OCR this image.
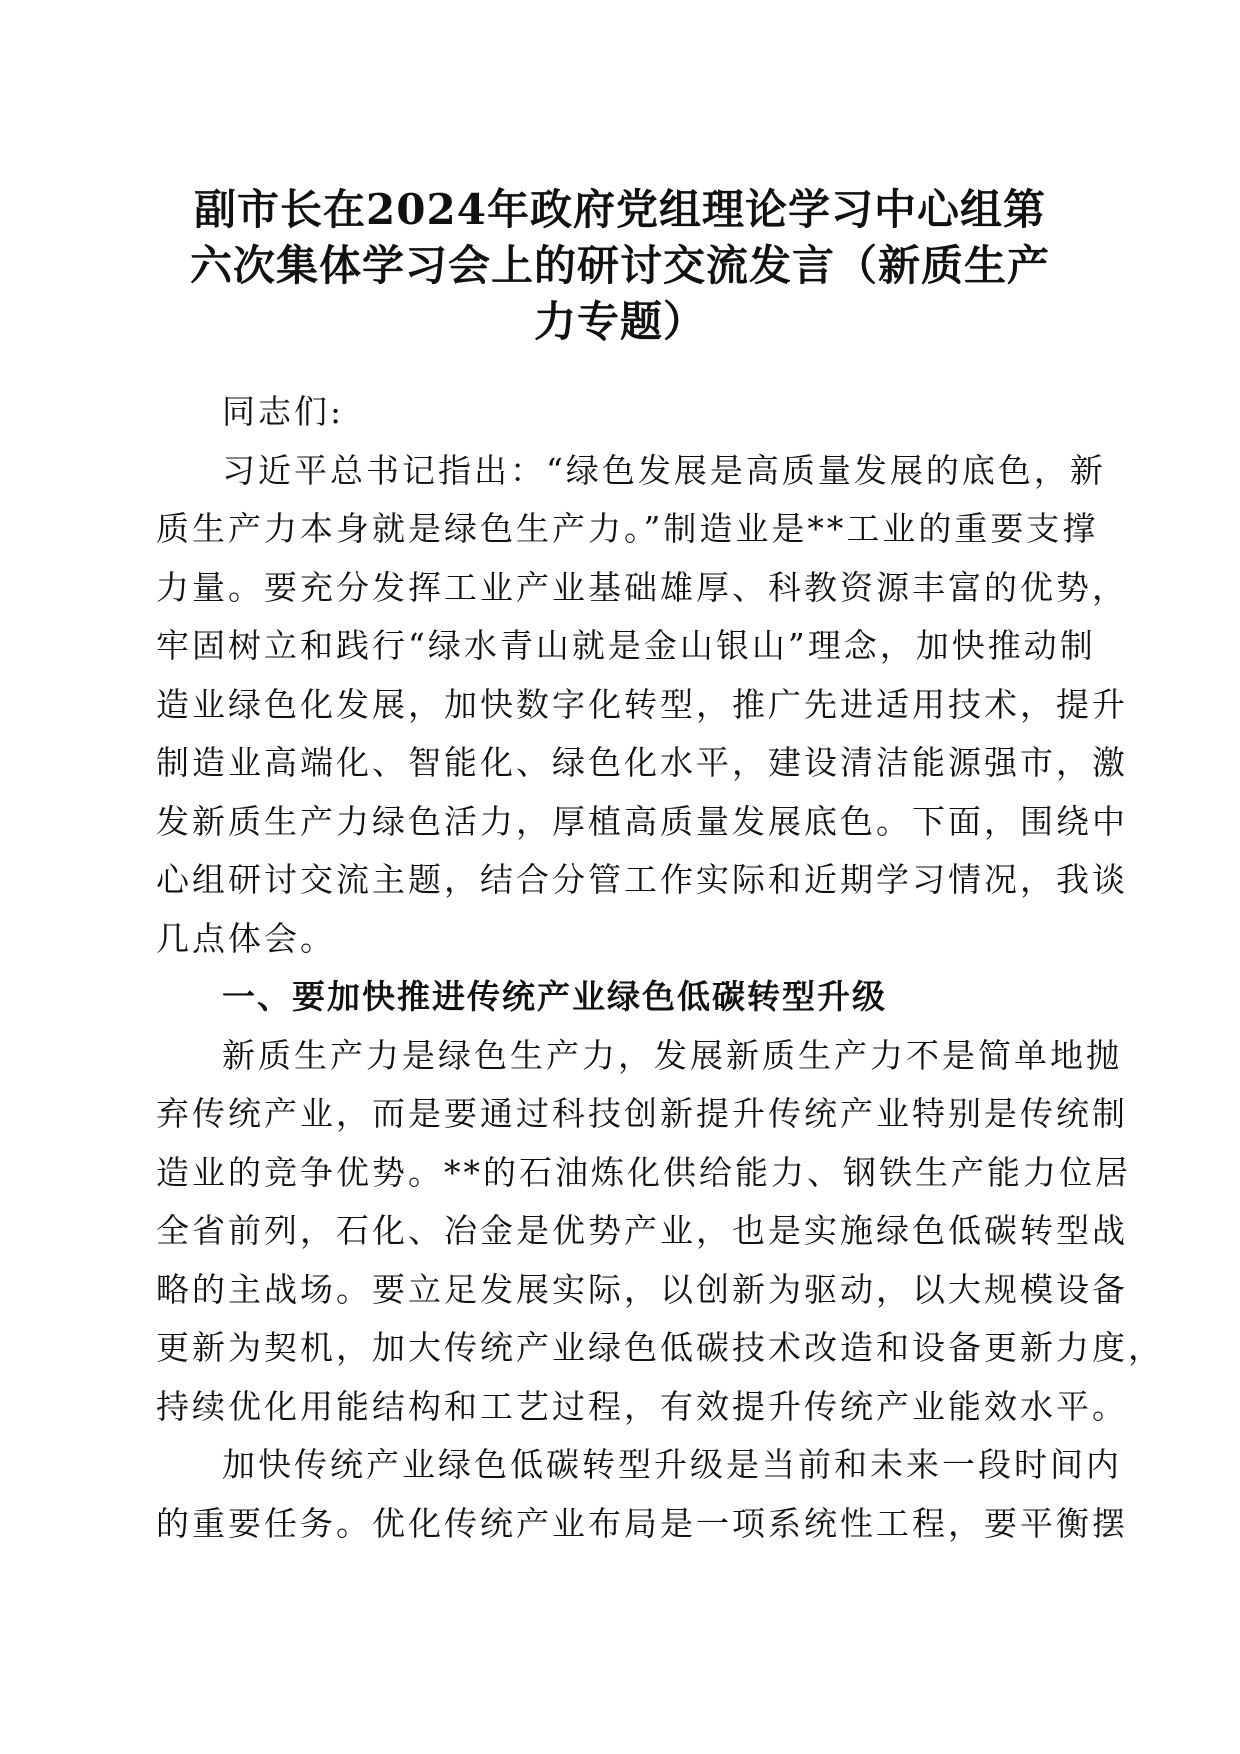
副市长在2024年政府党组理论学习中心组第
六次集体学习会上的研讨交流发言（新质生产
力专题）
同志们:
习近平总书记指出：“绿色发展是高质量发展的底色，新
质生产力本身就是绿色生产力。”制造业是**工业的重要支撑
力量。要充分发挥工业产业基础雄厚、科教资源丰富的优势，
牢固树立和践行“绿水青山就是金山银山”理念，加快推动制
造业绿色化发展，加快数字化转型，推广先进适用技术，提升
制造业高端化、智能化、绿色化水平，建设清洁能源强市，激
发新质生产力绿色活力，厚植高质量发展底色。下面，围绕中
心组研讨交流主题，结合分管工作实际和近期学习情况，我谈
几点体会。
一、要加快推进传统产业绿色低碳转型升级
新质生产力是绿色生产力，发展新质生产力不是简单地抛
弃传统产业，而是要通过科技创新提升传统产业特别是传统制
造业的竞争优势。**的石油炼化供给能力、钢铁生产能力位居
全省前列，石化、冶金是优势产业，也是实施绿色低碳转型战
略的主战场。要立足发展实际，以创新为驱动，以大规模设备
更新为契机，加大传统产业绿色低碳技术改造和设备更新力度，
持续优化用能结构和工艺过程，有效提升传统产业能效水平。
加快传统产业绿色低碳转型升级是当前和未来一段时间内
的重要任务。优化传统产业布局是一项系统性工程，要平衡摆
